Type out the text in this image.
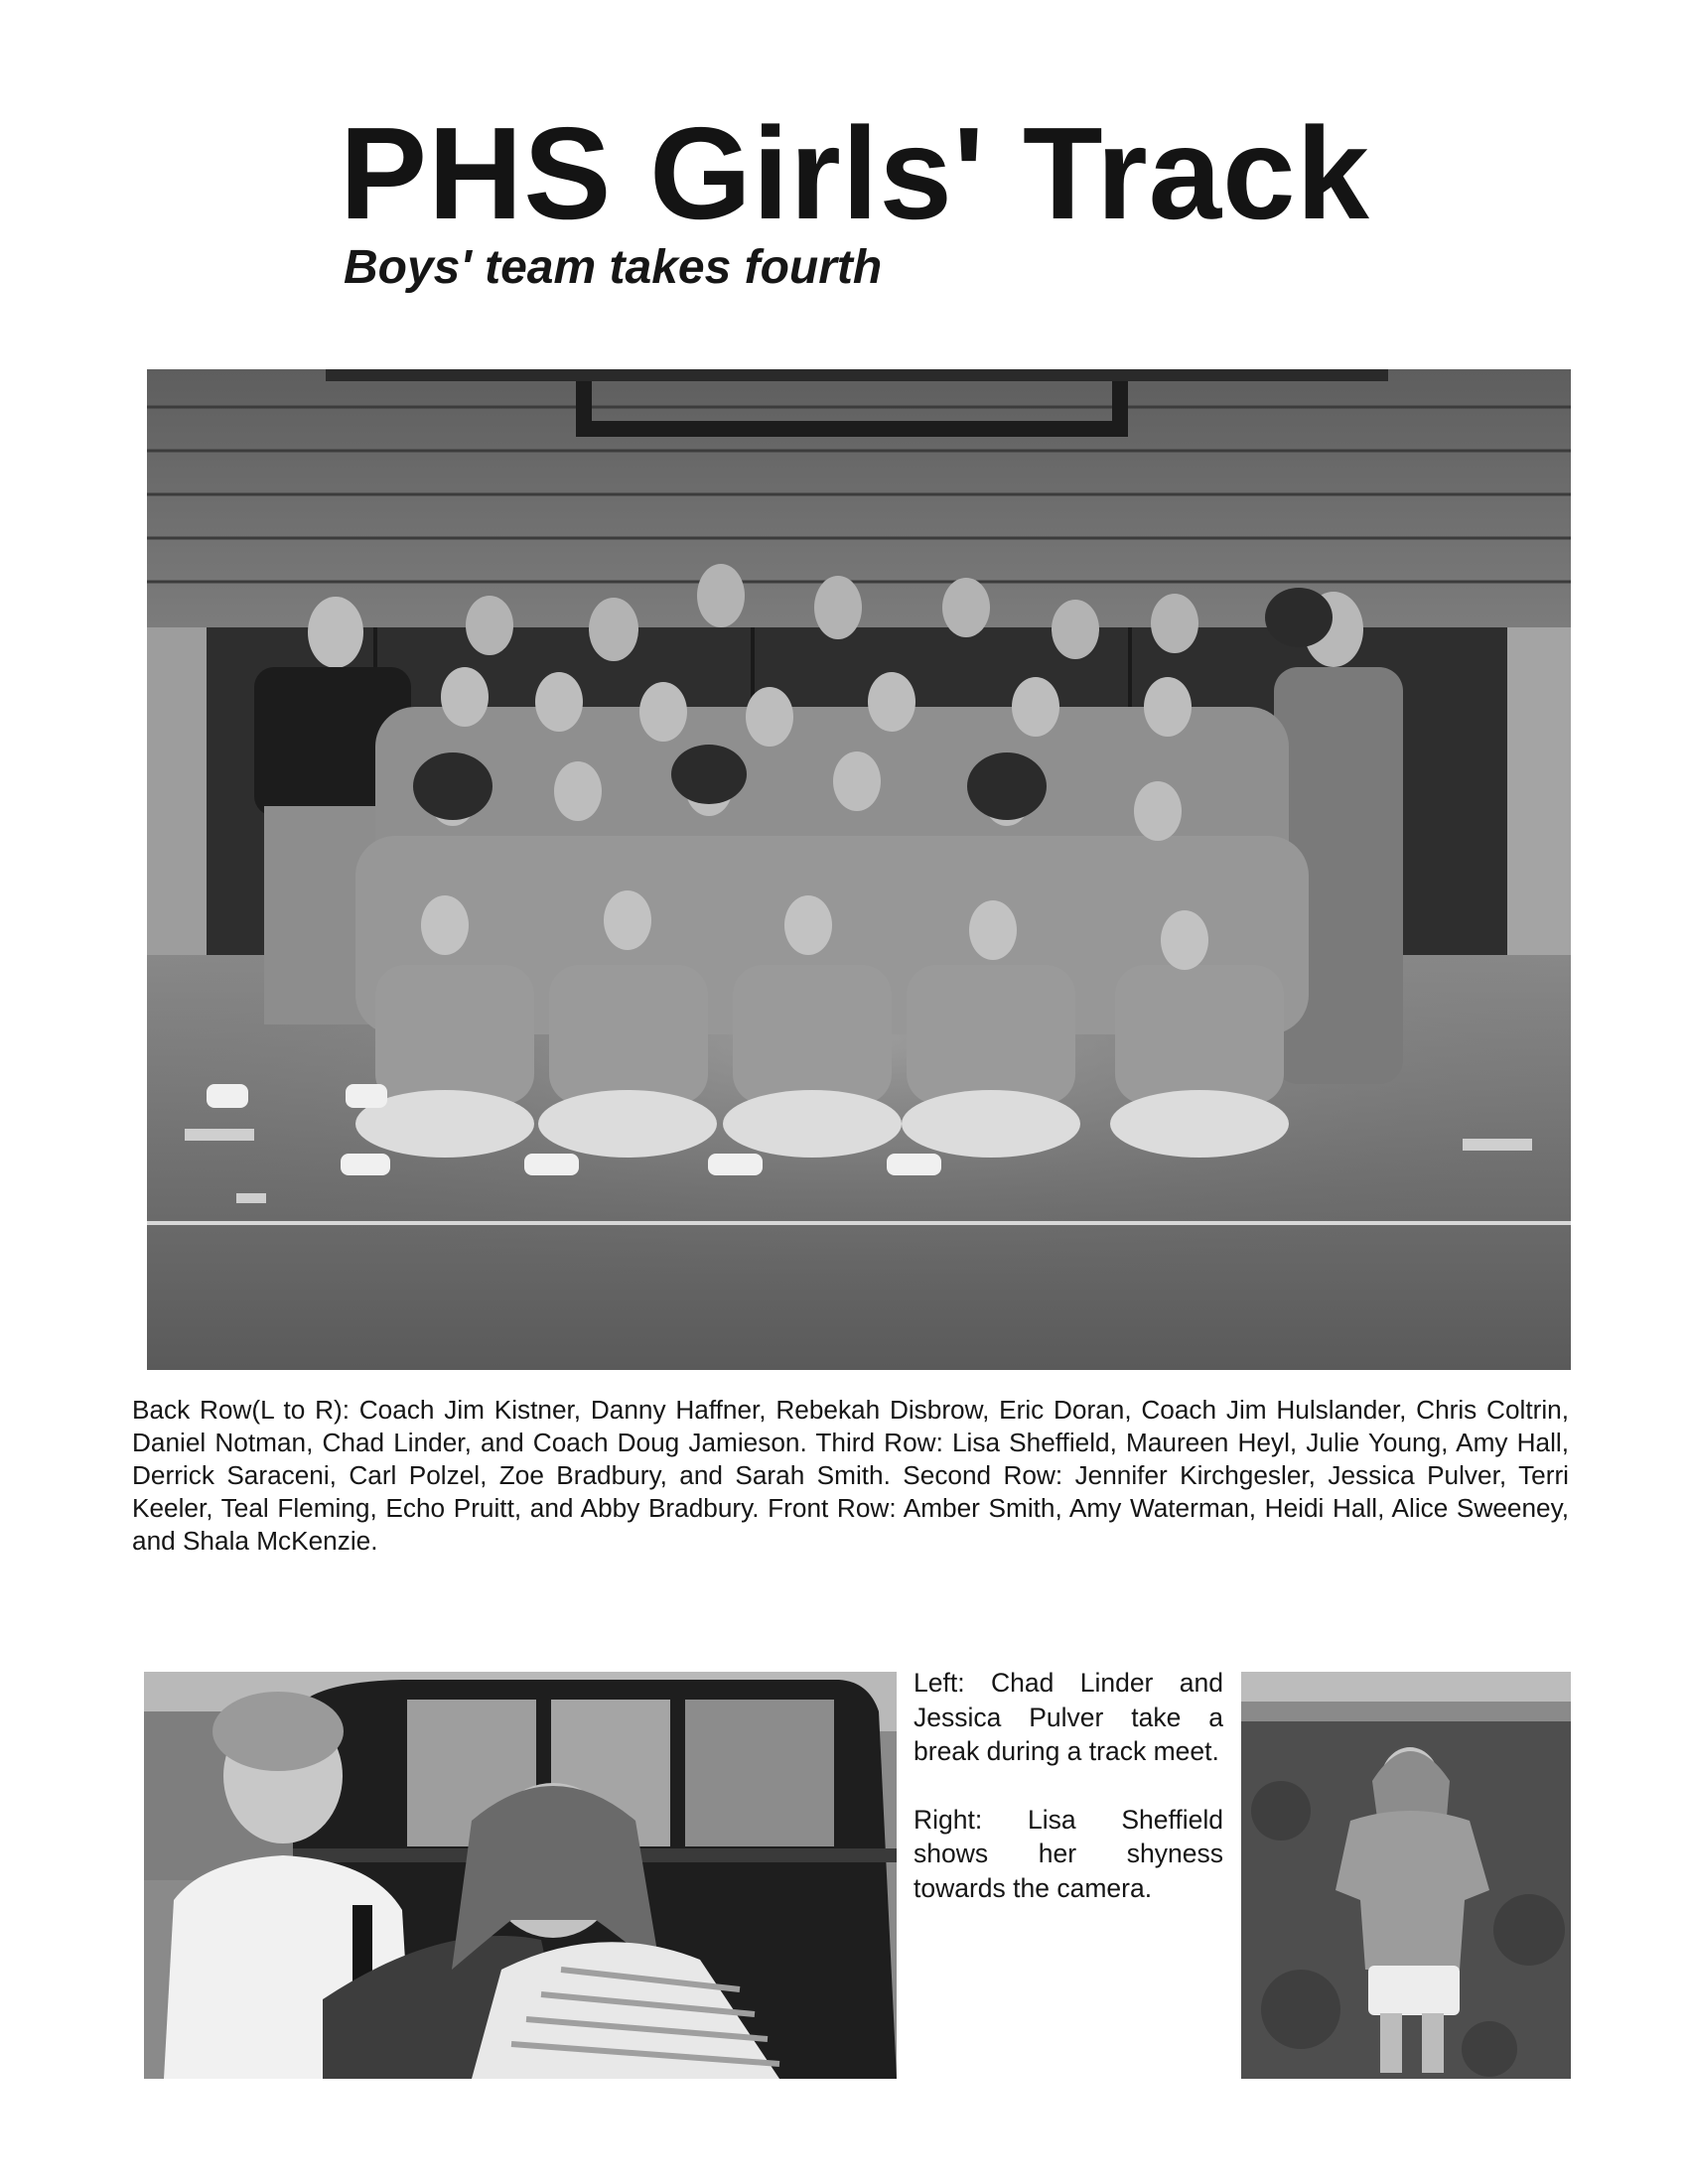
PHS Girls' Track
Boys' team takes fourth

Back Row(L to R): Coach Jim Kistner, Danny Haffner, Rebekah Disbrow, Eric Doran, Coach Jim Hulslander, Chris Coltrin, Daniel Notman, Chad Linder, and Coach Doug Jamieson. Third Row: Lisa Sheffield, Maureen Heyl, Julie Young, Amy Hall, Derrick Saraceni, Carl Polzel, Zoe Bradbury, and Sarah Smith. Second Row: Jennifer Kirchgesler, Jessica Pulver, Terri Keeler, Teal Fleming, Echo Pruitt, and Abby Bradbury. Front Row: Amber Smith, Amy Waterman, Heidi Hall, Alice Sweeney, and Shala McKenzie.

Left: Chad Linder and Jessica Pulver take a break during a track meet.

Right: Lisa Sheffield shows her shyness towards the camera.
